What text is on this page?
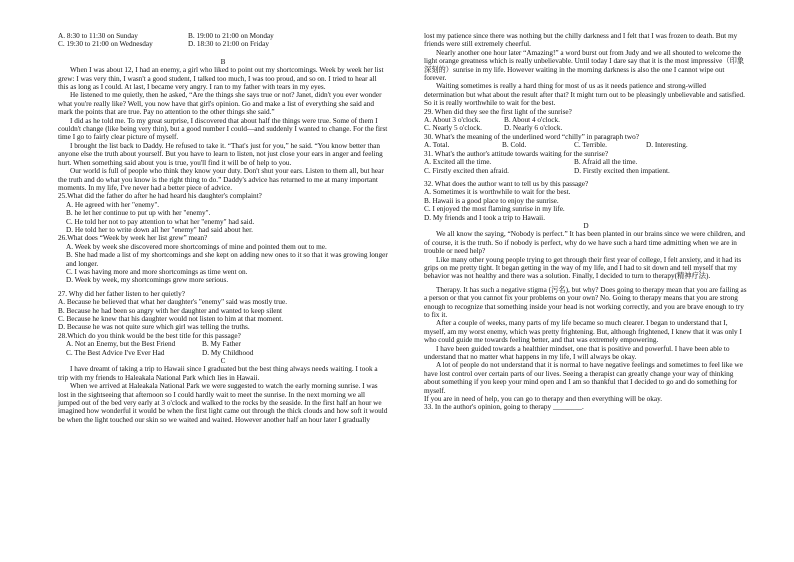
A. 8:30 to 11:30 on Sunday	B. 19:00 to 21:00 on Monday
C. 19:30 to 21:00 on Wednesday	D. 18:30 to 21:00 on Friday

B

When I was about 12, I had an enemy, a girl who liked to point out my shortcomings. Week by week her list grew: I was very thin, I wasn't a good student, I talked too much, I was too proud, and so on. I tried to hear all this as long as I could. At last, I became very angry. I ran to my father with tears in my eyes.

He listened to me quietly, then he asked, “Are the things she says true or not? Janet, didn't you ever wonder what you're really like? Well, you now have that girl's opinion. Go and make a list of everything she said and mark the points that are true. Pay no attention to the other things she said.”

I did as he told me. To my great surprise, I discovered that about half the things were true. Some of them I couldn't change (like being very thin), but a good number I could—and suddenly I wanted to change. For the first time I go to fairly clear picture of myself.

I brought the list back to Daddy. He refused to take it. “That's just for you,” he said. “You know better than anyone else the truth about yourself. But you have to learn to listen, not just close your ears in anger and feeling hurt. When something said about you is true, you'll find it will be of help to you.

Our world is full of people who think they know your duty. Don't shut your ears. Listen to them all, but hear the truth and do what you know is the right thing to do.” Daddy's advice has returned to me at many important moments. In my life, I've never had a better piece of advice.

25.What did the father do after he had heard his daughter's complaint?

A. He agreed with her "enemy".

B. he let her continue to put up with her "enemy".

C. He told her not to pay attention to what her "enemy" had said.

D. He told her to write down all her "enemy" had said about her.

26.What does “Week by week her list grew” mean?

A. Week by week she discovered more shortcomings of mine and pointed them out to me.

B. She had made a list of my shortcomings and she kept on adding new ones to it so that it was growing longer and longer.

C. I was having more and more shortcomings as time went on.

D. Week by week, my shortcomings grew more serious.

27. Why did her father listen to her quietly?

A. Because he believed that what her daughter's "enemy" said was mostly true.

B. Because he had been so angry with her daughter and wanted to keep silent

C. Because he knew that his daughter would not listen to him at that moment.

D. Because he was not quite sure which girl was telling the truths.

28.Which do you think would be the best title for this passage?

A. Not an Enemy, but the Best Friend	B. My Father
C. The Best Advice I've Ever Had	D. My Childhood

C

I have dreamt of taking a trip to Hawaii since I graduated but the best thing always needs waiting. I took a trip with my friends to Haleakala National Park which lies in Hawaii.

When we arrived at Haleakala National Park we were suggested to watch the early morning sunrise. I was lost in the sightseeing that afternoon so I could hardly wait to meet the sunrise. In the next morning we all jumped out of the bed very early at 3 o'clock and walked to the rocks by the seaside. In the first half an hour we imagined how wonderful it would be when the first light came out through the thick clouds and how soft it would be when the light touched our skin so we waited and waited. However another half an hour later I gradually

lost my patience since there was nothing but the chilly darkness and I felt that I was frozen to death. But my friends were still extremely cheerful.

Nearly another one hour later “Amazing!” a word burst out from Judy and we all shouted to welcome the light orange greatness which is really unbelievable. Until today I dare say that it is the most impressive（印象深刻的）sunrise in my life. However waiting in the morning darkness is also the one I cannot wipe out forever.

Waiting sometimes is really a hard thing for most of us as it needs patience and strong-willed determination but what about the result after that? It might turn out to be pleasingly unbelievable and satisfied. So it is really worthwhile to wait for the best.

29. When did they see the first light of the sunrise?

A. About 3 o'clock.	B. About 4 o'clock.
C. Nearly 5 o'clock.	D. Nearly 6 o'clock.

30. What's the meaning of the underlined word “chilly” in paragraph two?

A. Total.	B. Cold.	C. Terrible.	D. Interesting.

31. What's the author's attitude towards waiting for the sunrise?

A. Excited all the time.	B. Afraid all the time.
C. Firstly excited then afraid.	D. Firstly excited then impatient.

32. What does the author want to tell us by this passage?

A. Sometimes it is worthwhile to wait for the best.

B. Hawaii is a good place to enjoy the sunrise.

C. I enjoyed the most flaming sunrise in my life.

D. My friends and I took a trip to Hawaii.

D

We all know the saying, “Nobody is perfect.” It has been planted in our brains since we were children, and of course, it is the truth. So if nobody is perfect, why do we have such a hard time admitting when we are in trouble or need help?

Like many other young people trying to get through their first year of college, I felt anxiety, and it had its grips on me pretty tight. It began getting in the way of my life, and I had to sit down and tell myself that my behavior was not healthy and there was a solution. Finally, I decided to turn to therapy(精神疗法).

Therapy. It has such a negative stigma (污名), but why? Does going to therapy mean that you are failing as a person or that you cannot fix your problems on your own? No. Going to therapy means that you are strong enough to recognize that something inside your head is not working correctly, and you are brave enough to try to fix it.

After a couple of weeks, many parts of my life became so much clearer. I began to understand that I, myself, am my worst enemy, which was pretty frightening. But, although frightened, I knew that it was only I who could guide me towards feeling better, and that was extremely empowering.

I have been guided towards a healthier mindset, one that is positive and powerful. I have been able to understand that no matter what happens in my life, I will always be okay.

A lot of people do not understand that it is normal to have negative feelings and sometimes to feel like we have lost control over certain parts of our lives. Seeing a therapist can greatly change your way of thinking about something if you keep your mind open and I am so thankful that I decided to go and do something for myself.

If you are in need of help, you can go to therapy and then everything will be okay.

33. In the author's opinion, going to therapy ________.
